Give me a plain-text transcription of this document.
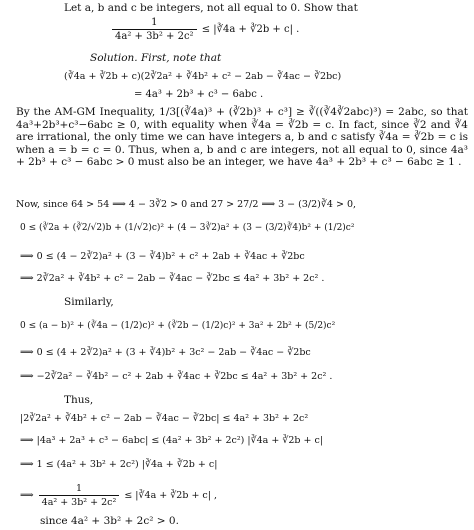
Let a, b and c be integers, not all equal to 0. Show that
$\frac{1}{\text{4a² + 3b² + 2c²}}$ ≤ |∛4a + ∛2b + c| .
Solution. First, note that
(∛4a + ∛2b + c)(2∛2a² + ∛4b² + c² − 2ab − ∛4ac − ∛2bc)
= 4a³ + 2b³ + c³ − 6abc .
By the AM-GM Inequality, 1/3[(∛4a)³ + (∛2b)³ + c³] ≥ ∛((∛4∛2abc)³) = 2abc, so that 4a³+2b³+c³−6abc ≥ 0, with equality when ∛4a = ∛2b = c. In fact, since ∛2 and ∛4 are irrational, the only time we can have integers a, b and c satisfy ∛4a = ∛2b = c is when a = b = c = 0. Thus, when a, b and c are integers, not all equal to 0, since 4a³ + 2b³ + c³ − 6abc > 0 must also be an integer, we have 4a³ + 2b³ + c³ − 6abc ≥ 1 .
Now, since 64 > 54 ⟹ 4 − 3∛2 > 0 and 27 > 27/2 ⟹ 3 − (3/2)∛4 > 0,
0 ≤ (∛2a + (∛2/√2)b + (1/√2)c)² + (4 − 3∛2)a² + (3 − (3/2)∛4)b² + (1/2)c²
⟹ 0 ≤ (4 − 2∛2)a² + (3 − ∛4)b² + c² + 2ab + ∛4ac + ∛2bc
⟹ 2∛2a² + ∛4b² + c² − 2ab − ∛4ac − ∛2bc ≤ 4a² + 3b² + 2c² .
Similarly,
0 ≤ (a − b)² + (∛4a − (1/2)c)² + (∛2b − (1/2)c)² + 3a² + 2b² + (5/2)c²
⟹ 0 ≤ (4 + 2∛2)a² + (3 + ∛4)b² + 3c² − 2ab − ∛4ac − ∛2bc
⟹ −2∛2a² − ∛4b² − c² + 2ab + ∛4ac + ∛2bc ≤ 4a² + 3b² + 2c² .
Thus,
|2∛2a² + ∛4b² + c² − 2ab − ∛4ac − ∛2bc| ≤ 4a² + 3b² + 2c²
⟹ |4a³ + 2a³ + c³ − 6abc| ≤ (4a² + 3b² + 2c²) |∛4a + ∛2b + c|
⟹ 1 ≤ (4a² + 3b² + 2c²) |∛4a + ∛2b + c|
⟹ $\frac{1}{\text{4a² + 3b² + 2c²}}$ ≤ |∛4a + ∛2b + c| ,
since 4a² + 3b² + 2c² > 0.
